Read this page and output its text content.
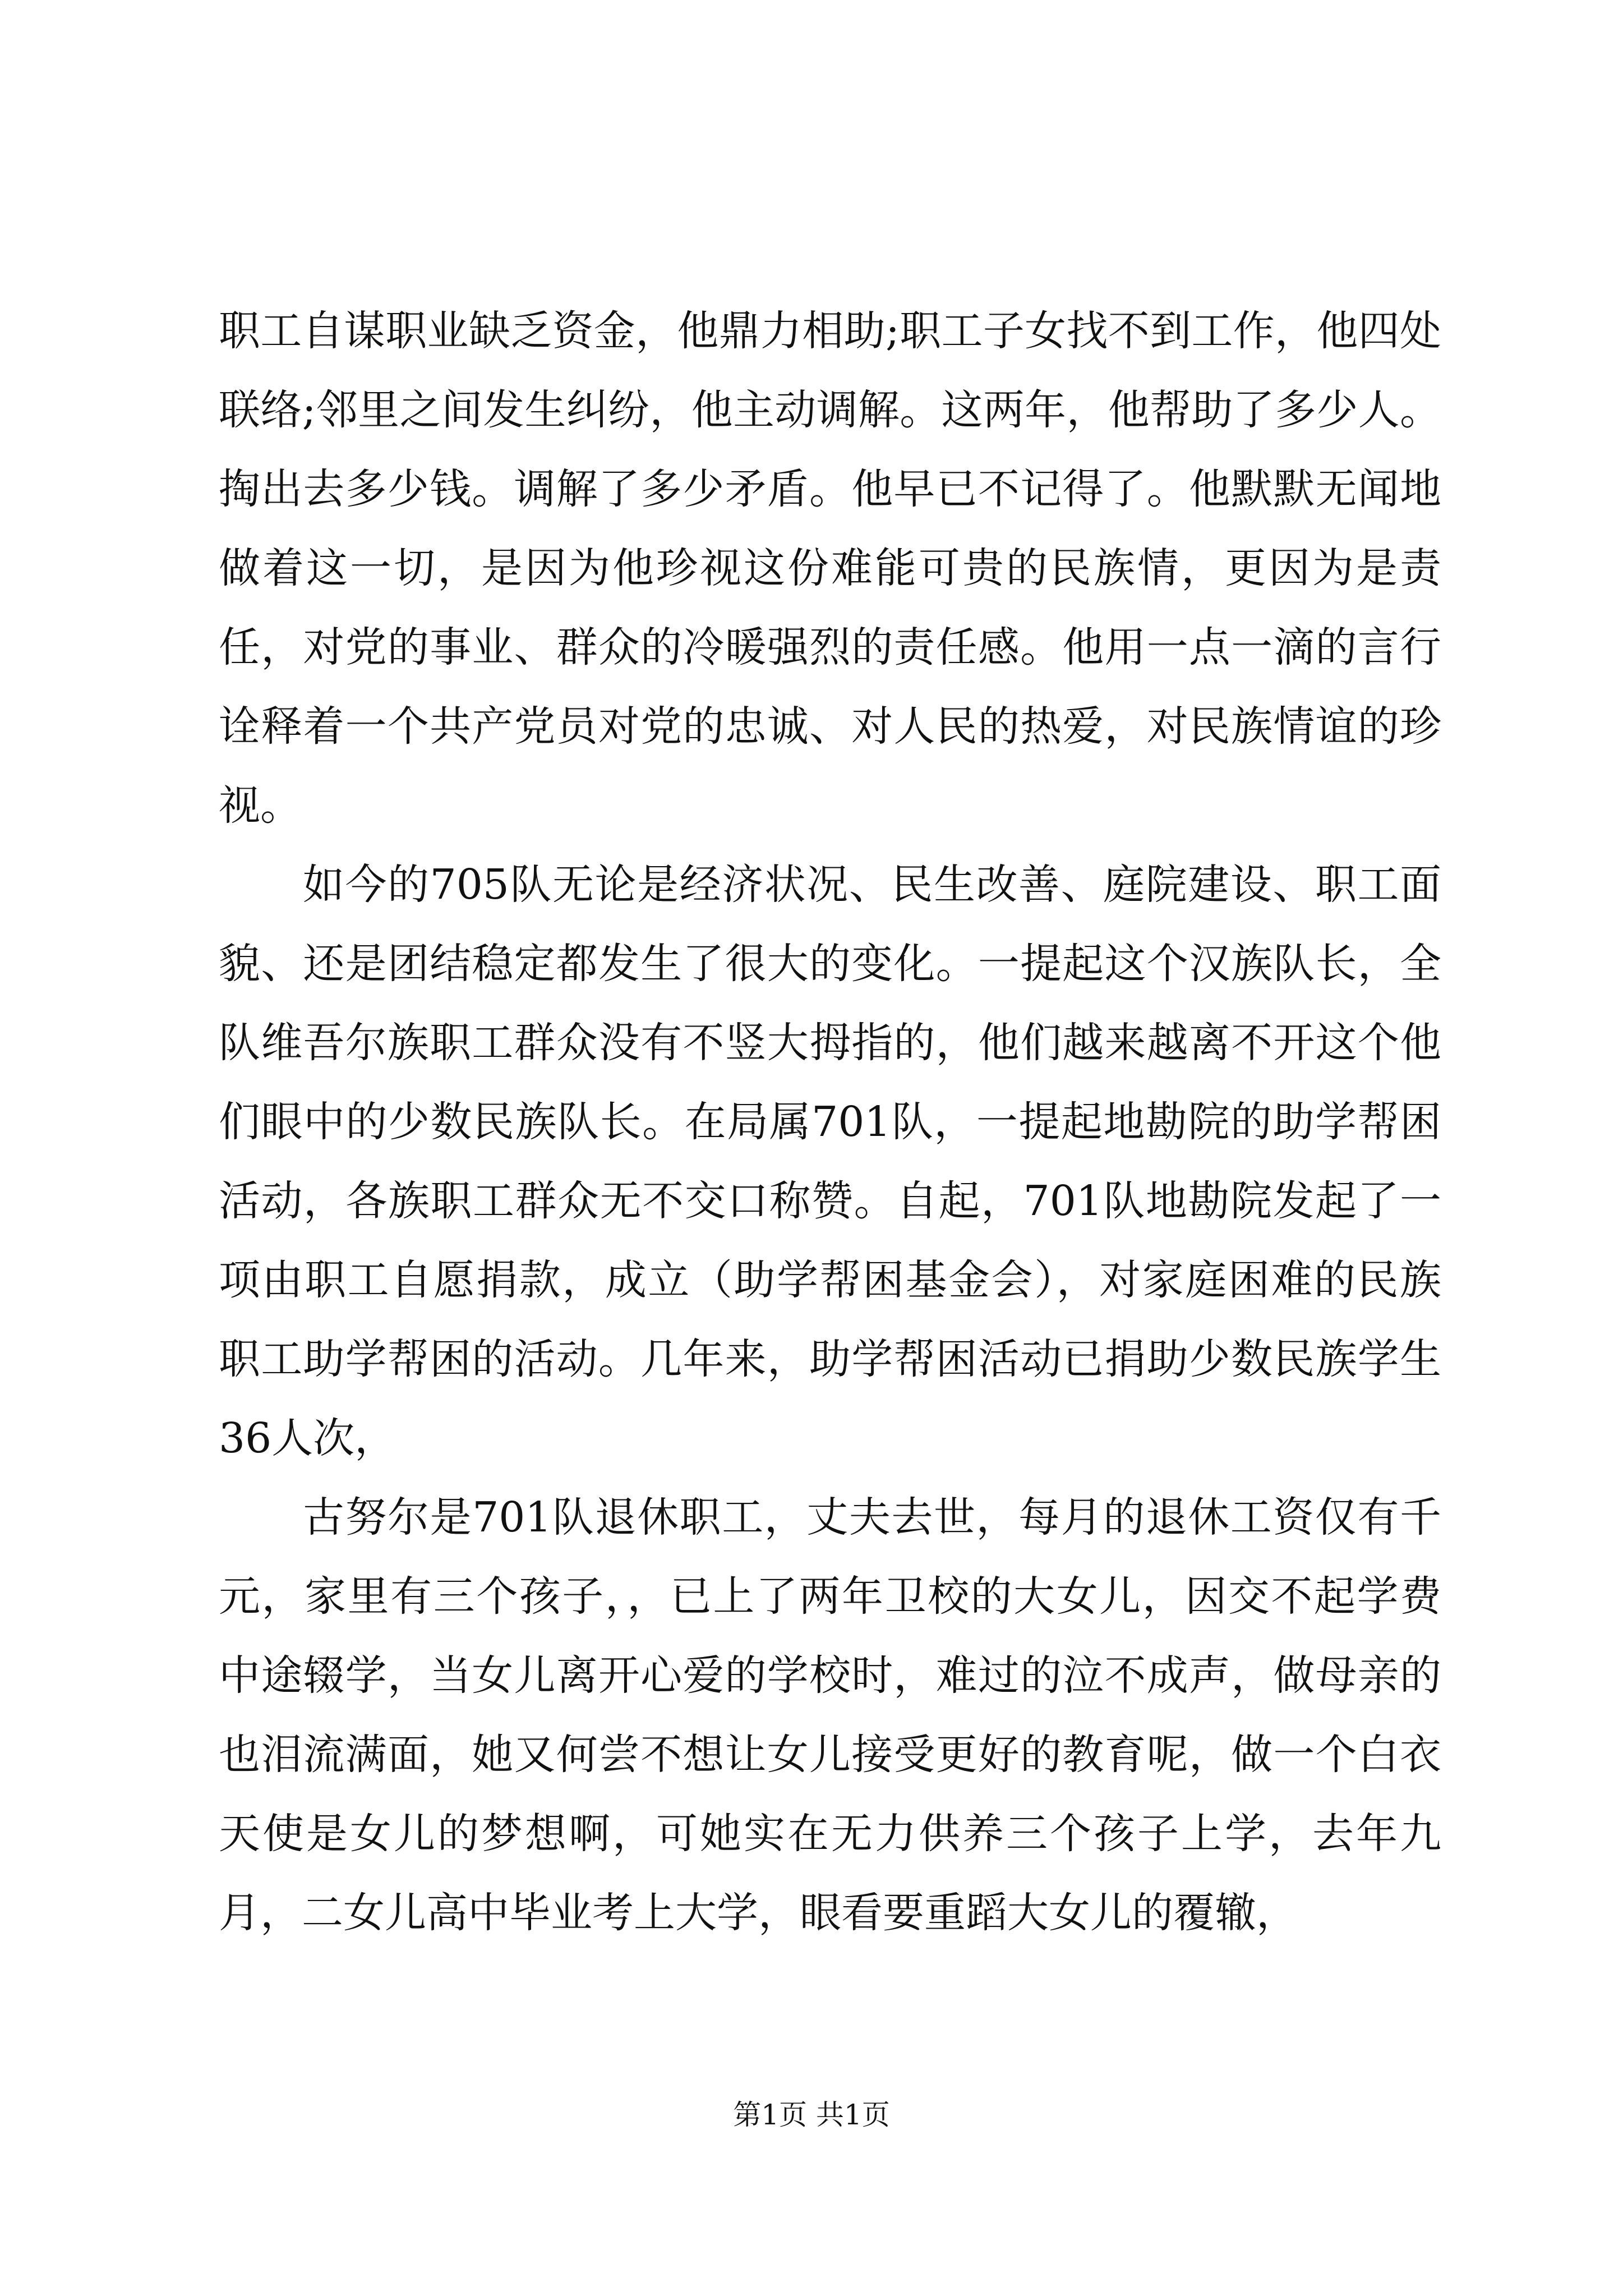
职工自谋职业缺乏资金，他鼎力相助;职工子女找不到工作，他四处联络;邻里之间发生纠纷，他主动调解。这两年，他帮助了多少人。掏出去多少钱。调解了多少矛盾。他早已不记得了。他默默无闻地做着这一切，是因为他珍视这份难能可贵的民族情，更因为是责任，对党的事业、群众的冷暖强烈的责任感。他用一点一滴的言行诠释着一个共产党员对党的忠诚、对人民的热爱，对民族情谊的珍视。

如今的705队无论是经济状况、民生改善、庭院建设、职工面貌、还是团结稳定都发生了很大的变化。一提起这个汉族队长，全队维吾尔族职工群众没有不竖大拇指的，他们越来越离不开这个他们眼中的少数民族队长。在局属701队，一提起地勘院的助学帮困活动，各族职工群众无不交口称赞。自起，701队地勘院发起了一项由职工自愿捐款，成立（助学帮困基金会），对家庭困难的民族职工助学帮困的活动。几年来，助学帮困活动已捐助少数民族学生36人次，

古努尔是701队退休职工，丈夫去世，每月的退休工资仅有千元，家里有三个孩子，，已上了两年卫校的大女儿，因交不起学费中途辍学，当女儿离开心爱的学校时，难过的泣不成声，做母亲的也泪流满面，她又何尝不想让女儿接受更好的教育呢，做一个白衣天使是女儿的梦想啊，可她实在无力供养三个孩子上学，去年九月，二女儿高中毕业考上大学，眼看要重蹈大女儿的覆辙，

第1页 共1页
